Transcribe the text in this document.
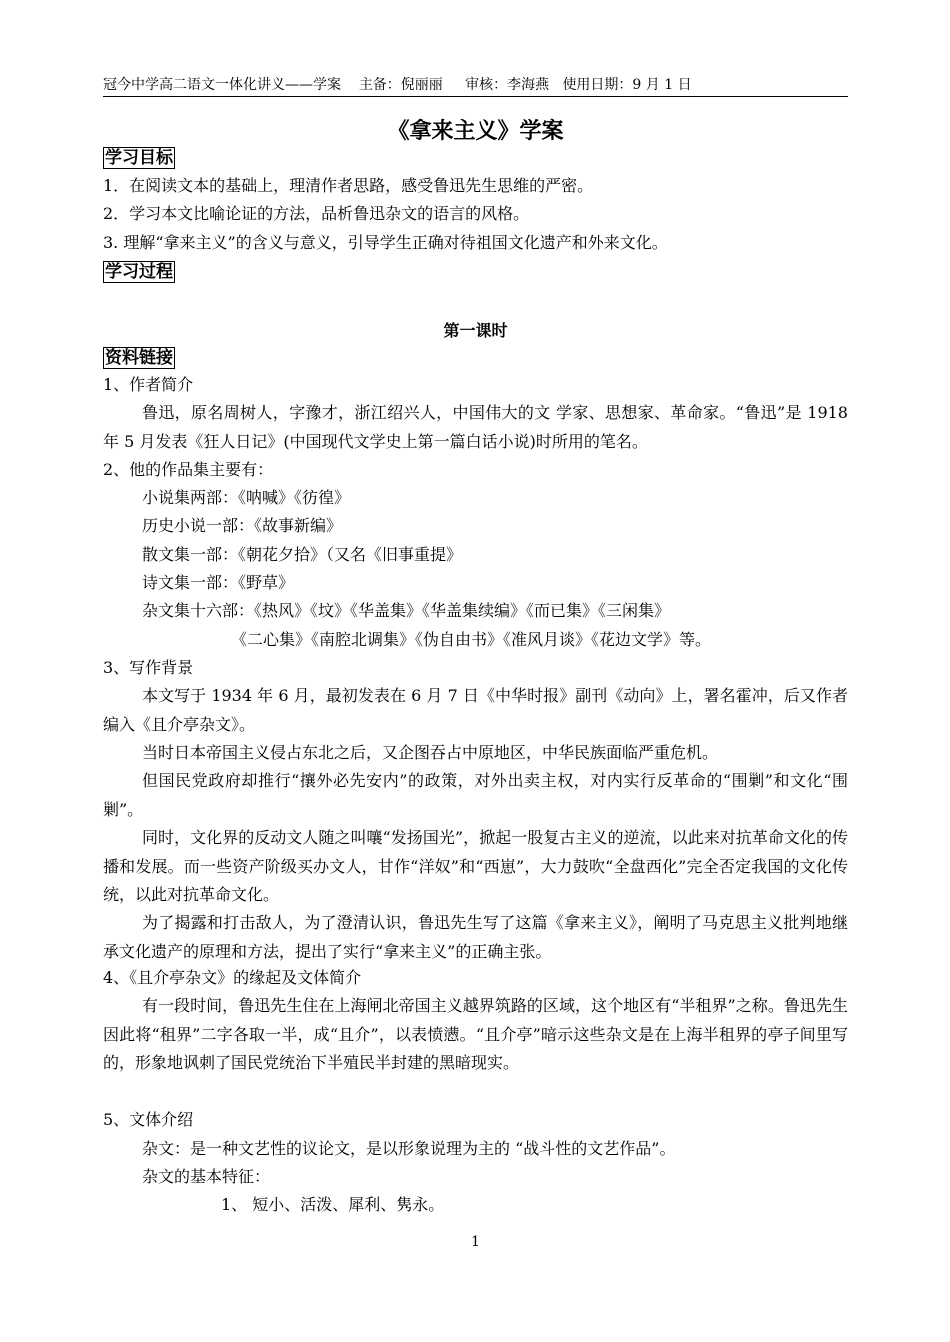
冠今中学高二语文一体化讲义——学案 主备：倪丽丽 审核：李海燕 使用日期：9 月 1 日
《拿来主义》学案
学习目标
1．在阅读文本的基础上，理清作者思路，感受鲁迅先生思维的严密。
2．学习本文比喻论证的方法，品析鲁迅杂文的语言的风格。
3. 理解“拿来主义”的含义与意义，引导学生正确对待祖国文化遗产和外来文化。
学习过程
第一课时
资料链接
1、作者简介
鲁迅，原名周树人，字豫才，浙江绍兴人，中国伟大的文 学家、思想家、革命家。“鲁迅”是 1918 年 5 月发表《狂人日记》(中国现代文学史上第一篇白话小说)时所用的笔名。
2、他的作品集主要有：
小说集两部：《呐喊》《彷徨》
历史小说一部：《故事新编》
散文集一部：《朝花夕拾》（又名《旧事重提》
诗文集一部：《野草》
杂文集十六部：《热风》《坟》《华盖集》《华盖集续编》《而已集》《三闲集》
《二心集》《南腔北调集》《伪自由书》《准风月谈》《花边文学》等。
3、写作背景
本文写于 1934 年 6 月，最初发表在 6 月 7 日《中华时报》副刊《动向》上，署名霍冲，后又作者编入《且介亭杂文》。
当时日本帝国主义侵占东北之后，又企图吞占中原地区，中华民族面临严重危机。
但国民党政府却推行“攘外必先安内”的政策，对外出卖主权，对内实行反革命的“围剿”和文化“围剿”。
同时，文化界的反动文人随之叫嚷“发扬国光”，掀起一股复古主义的逆流，以此来对抗革命文化的传播和发展。而一些资产阶级买办文人，甘作“洋奴”和“西崽”，大力鼓吹“全盘西化”完全否定我国的文化传统，以此对抗革命文化。
为了揭露和打击敌人，为了澄清认识，鲁迅先生写了这篇《拿来主义》，阐明了马克思主义批判地继承文化遗产的原理和方法，提出了实行“拿来主义”的正确主张。
4、《且介亭杂文》的缘起及文体简介
有一段时间，鲁迅先生住在上海闸北帝国主义越界筑路的区域，这个地区有“半租界”之称。鲁迅先生因此将“租界”二字各取一半，成“且介”，以表愤懑。“且介亭”暗示这些杂文是在上海半租界的亭子间里写的，形象地讽刺了国民党统治下半殖民半封建的黑暗现实。
5、文体介绍
杂文：是一种文艺性的议论文，是以形象说理为主的 “战斗性的文艺作品”。
杂文的基本特征：
1、 短小、活泼、犀利、隽永。
1
